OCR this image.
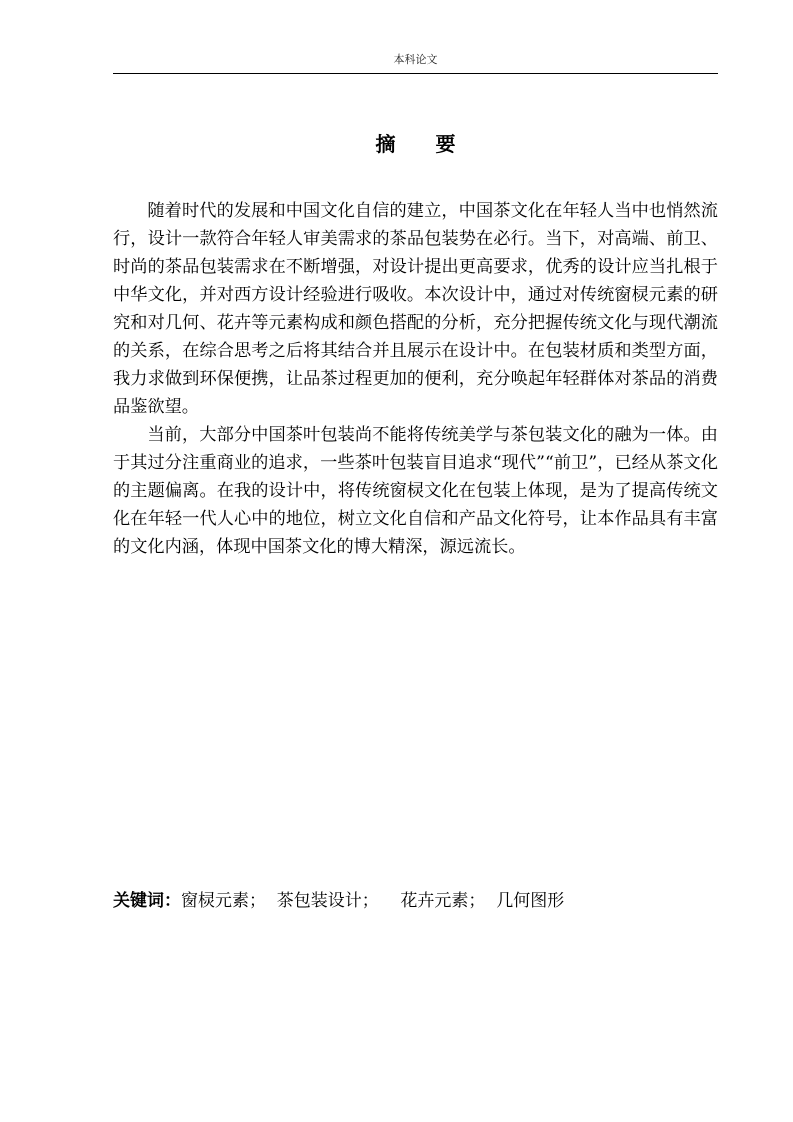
本科论文
摘　　要

随着时代的发展和中国文化自信的建立，中国茶文化在年轻人当中也悄然流行，设计一款符合年轻人审美需求的茶品包装势在必行。当下，对高端、前卫、时尚的茶品包装需求在不断增强，对设计提出更高要求，优秀的设计应当扎根于中华文化，并对西方设计经验进行吸收。本次设计中，通过对传统窗棂元素的研究和对几何、花卉等元素构成和颜色搭配的分析，充分把握传统文化与现代潮流的关系，在综合思考之后将其结合并且展示在设计中。在包装材质和类型方面，我力求做到环保便携，让品茶过程更加的便利，充分唤起年轻群体对茶品的消费品鉴欲望。

当前，大部分中国茶叶包装尚不能将传统美学与茶包装文化的融为一体。由于其过分注重商业的追求，一些茶叶包装盲目追求“现代”“前卫”，已经从茶文化的主题偏离。在我的设计中，将传统窗棂文化在包装上体现，是为了提高传统文化在年轻一代人心中的地位，树立文化自信和产品文化符号，让本作品具有丰富的文化内涵，体现中国茶文化的博大精深，源远流长。

关键词：窗棂元素；  茶包装设计；    花卉元素；  几何图形
